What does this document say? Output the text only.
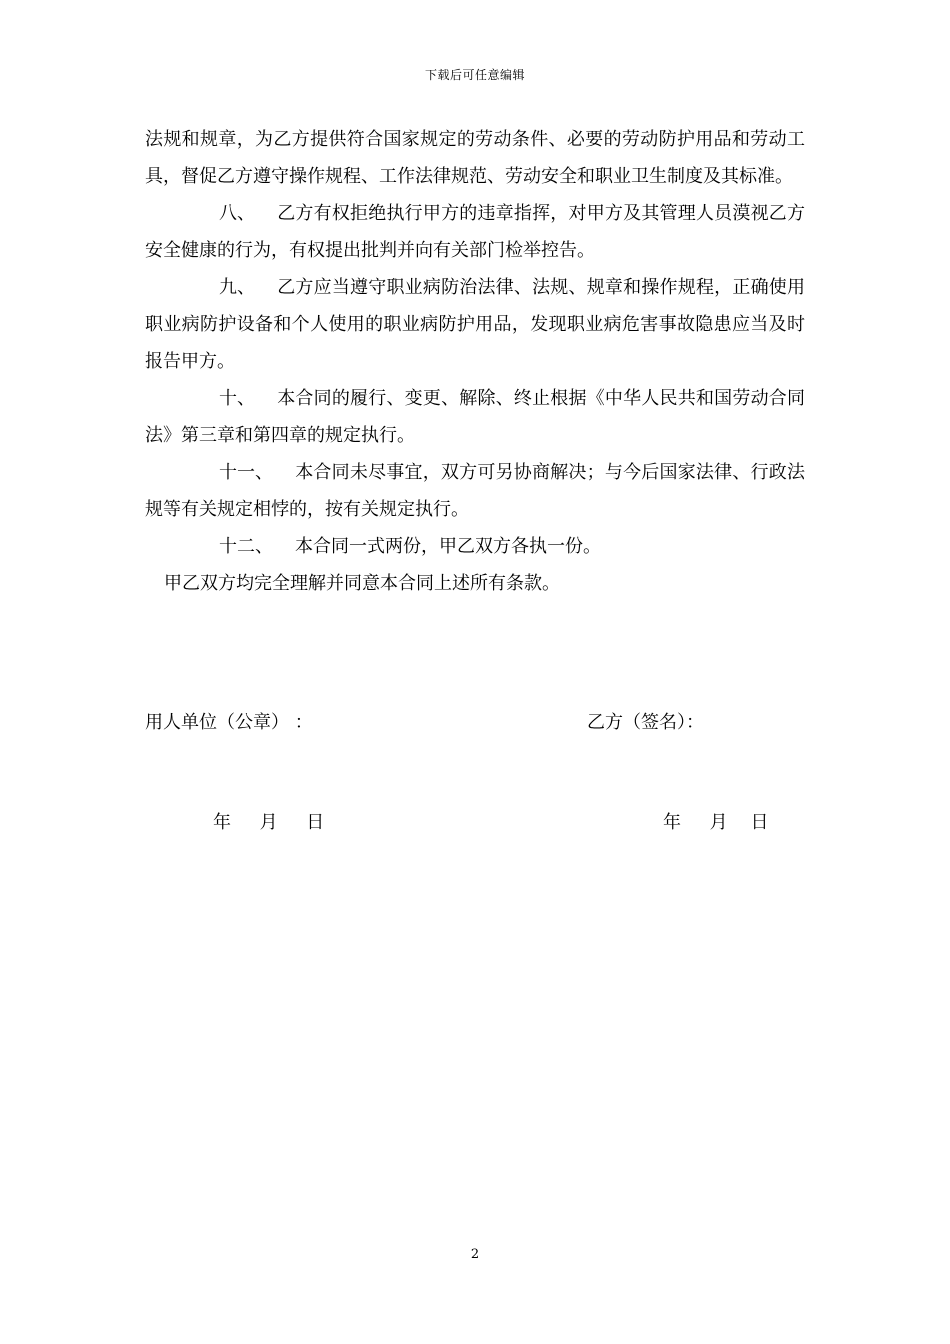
下载后可任意编辑

法规和规章，为乙方提供符合国家规定的劳动条件、必要的劳动防护用品和劳动工具，督促乙方遵守操作规程、工作法律规范、劳动安全和职业卫生制度及其标准。

八、 乙方有权拒绝执行甲方的违章指挥，对甲方及其管理人员漠视乙方安全健康的行为，有权提出批判并向有关部门检举控告。

九、 乙方应当遵守职业病防治法律、法规、规章和操作规程，正确使用职业病防护设备和个人使用的职业病防护用品，发现职业病危害事故隐患应当及时报告甲方。

十、 本合同的履行、变更、解除、终止根据《中华人民共和国劳动合同法》第三章和第四章的规定执行。

十一、 本合同未尽事宜，双方可另协商解决；与今后国家法律、行政法规等有关规定相悖的，按有关规定执行。

十二、 本合同一式两份，甲乙双方各执一份。

甲乙双方均完全理解并同意本合同上述所有条款。

用人单位（公章） ：	乙方（签名）：
年     月     日	年     月    日
2
